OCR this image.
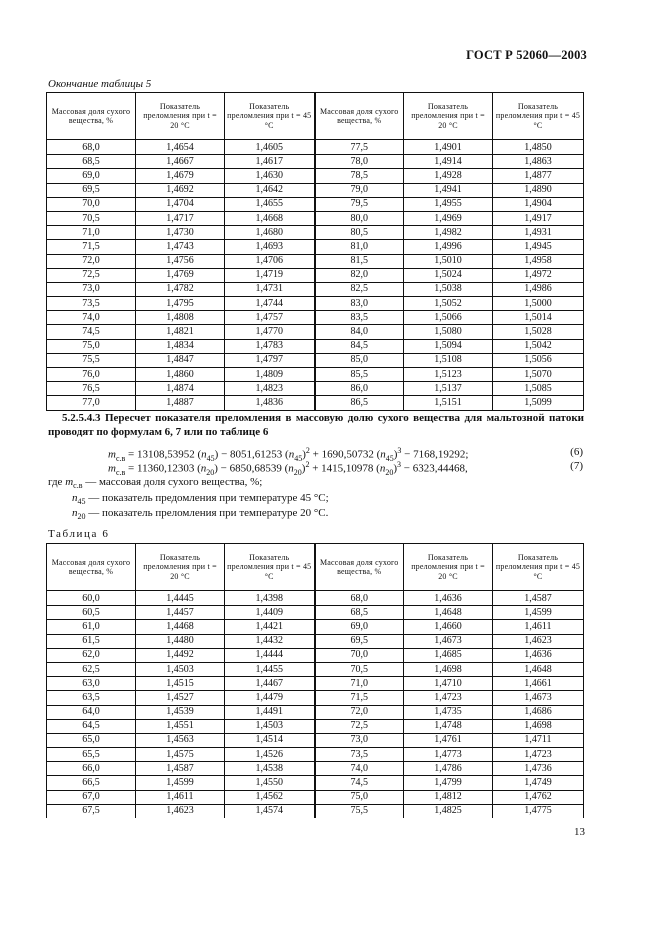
ГОСТ Р 52060—2003
Окончание таблицы 5
Массовая доля сухого вещества, %	Показатель преломления при t = 20 °C	Показатель преломления при t = 45 °C	Массовая доля сухого вещества, %	Показатель преломления при t = 20 °C	Показатель преломления при t = 45 °C
68,0	1,4654	1,4605	77,5	1,4901	1,4850
68,5	1,4667	1,4617	78,0	1,4914	1,4863
69,0	1,4679	1,4630	78,5	1,4928	1,4877
69,5	1,4692	1,4642	79,0	1,4941	1,4890
70,0	1,4704	1,4655	79,5	1,4955	1,4904
70,5	1,4717	1,4668	80,0	1,4969	1,4917
71,0	1,4730	1,4680	80,5	1,4982	1,4931
71,5	1,4743	1,4693	81,0	1,4996	1,4945
72,0	1,4756	1,4706	81,5	1,5010	1,4958
72,5	1,4769	1,4719	82,0	1,5024	1,4972
73,0	1,4782	1,4731	82,5	1,5038	1,4986
73,5	1,4795	1,4744	83,0	1,5052	1,5000
74,0	1,4808	1,4757	83,5	1,5066	1,5014
74,5	1,4821	1,4770	84,0	1,5080	1,5028
75,0	1,4834	1,4783	84,5	1,5094	1,5042
75,5	1,4847	1,4797	85,0	1,5108	1,5056
76,0	1,4860	1,4809	85,5	1,5123	1,5070
76,5	1,4874	1,4823	86,0	1,5137	1,5085
77,0	1,4887	1,4836	86,5	1,5151	1,5099
5.2.5.4.3 Пересчет показателя преломления в массовую долю сухого вещества для мальтозной патоки проводят по формулам 6, 7 или по таблице 6
$m_{с.в} = 13108,53952$ $(n_{45}) - 8051,61253$ $(n_{45})^2 + 1690,50732$ $(n_{45})^3 - 7168,19292$;	(6)
$m_{с.в} = 11360,12303$ $(n_{20}) - 6850,68539$ $(n_{20})^2 + 1415,10978$ $(n_{20})^3 - 6323,44468$,	(7)
где $m_{с.в}$ — массовая доля сухого вещества, %;
$n_{45}$ — показатель предомления при температуре 45 °С;
$n_{20}$ — показатель преломления при температуре 20 °С.
Таблица 6
Массовая доля сухого вещества, %	Показатель преломления при t = 20 °C	Показатель преломления при t = 45 °C	Массовая доля сухого вещества, %	Показатель преломления при t = 20 °C	Показатель преломления при t = 45 °C
60,0	1,4445	1,4398	68,0	1,4636	1,4587
60,5	1,4457	1,4409	68,5	1,4648	1,4599
61,0	1,4468	1,4421	69,0	1,4660	1,4611
61,5	1,4480	1,4432	69,5	1,4673	1,4623
62,0	1,4492	1,4444	70,0	1,4685	1,4636
62,5	1,4503	1,4455	70,5	1,4698	1,4648
63,0	1,4515	1,4467	71,0	1,4710	1,4661
63,5	1,4527	1,4479	71,5	1,4723	1,4673
64,0	1,4539	1,4491	72,0	1,4735	1,4686
64,5	1,4551	1,4503	72,5	1,4748	1,4698
65,0	1,4563	1,4514	73,0	1,4761	1,4711
65,5	1,4575	1,4526	73,5	1,4773	1,4723
66,0	1,4587	1,4538	74,0	1,4786	1,4736
66,5	1,4599	1,4550	74,5	1,4799	1,4749
67,0	1,4611	1,4562	75,0	1,4812	1,4762
67,5	1,4623	1,4574	75,5	1,4825	1,4775
13
